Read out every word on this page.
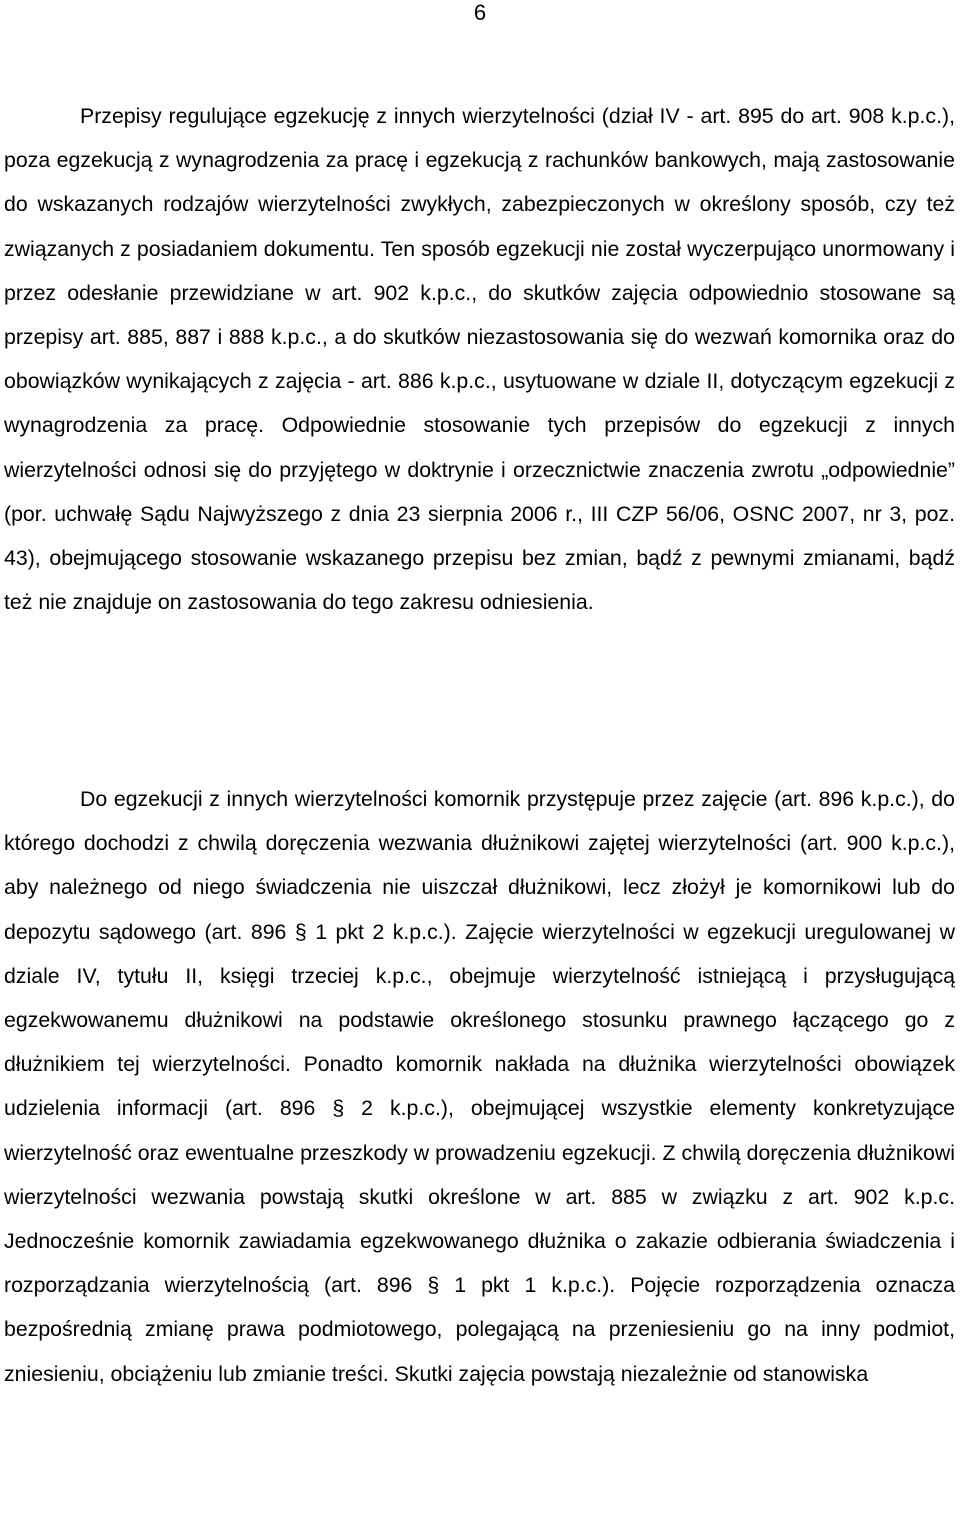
6

Przepisy regulujące egzekucję z innych wierzytelności (dział IV - art. 895 do art. 908 k.p.c.), poza egzekucją z wynagrodzenia za pracę i egzekucją z rachunków bankowych, mają zastosowanie do wskazanych rodzajów wierzytelności zwykłych, zabezpieczonych w określony sposób, czy też związanych z posiadaniem dokumentu. Ten sposób egzekucji nie został wyczerpująco unormowany i przez odesłanie przewidziane w art. 902 k.p.c., do skutków zajęcia odpowiednio stosowane są przepisy art. 885, 887 i 888 k.p.c., a do skutków niezastosowania się do wezwań komornika oraz do obowiązków wynikających z zajęcia - art. 886 k.p.c., usytuowane w dziale II, dotyczącym egzekucji z wynagrodzenia za pracę. Odpowiednie stosowanie tych przepisów do egzekucji z innych wierzytelności odnosi się do przyjętego w doktrynie i orzecznictwie znaczenia zwrotu „odpowiednie” (por. uchwałę Sądu Najwyższego z dnia 23 sierpnia 2006 r., III CZP 56/06, OSNC 2007, nr 3, poz. 43), obejmującego stosowanie wskazanego przepisu bez zmian, bądź z pewnymi zmianami, bądź też nie znajduje on zastosowania do tego zakresu odniesienia.

Do egzekucji z innych wierzytelności komornik przystępuje przez zajęcie (art. 896 k.p.c.), do którego dochodzi z chwilą doręczenia wezwania dłużnikowi zajętej wierzytelności (art. 900 k.p.c.), aby należnego od niego świadczenia nie uiszczał dłużnikowi, lecz złożył je komornikowi lub do depozytu sądowego (art. 896 § 1 pkt 2 k.p.c.). Zajęcie wierzytelności w egzekucji uregulowanej w dziale IV, tytułu II, księgi trzeciej k.p.c., obejmuje wierzytelność istniejącą i przysługującą egzekwowanemu dłużnikowi na podstawie określonego stosunku prawnego łączącego go z dłużnikiem tej wierzytelności. Ponadto komornik nakłada na dłużnika wierzytelności obowiązek udzielenia informacji (art. 896 § 2 k.p.c.), obejmującej wszystkie elementy konkretyzujące wierzytelność oraz ewentualne przeszkody w prowadzeniu egzekucji. Z chwilą doręczenia dłużnikowi wierzytelności wezwania powstają skutki określone w art. 885 w związku z art. 902 k.p.c. Jednocześnie komornik zawiadamia egzekwowanego dłużnika o zakazie odbierania świadczenia i rozporządzania wierzytelnością (art. 896 § 1 pkt 1 k.p.c.). Pojęcie rozporządzenia oznacza bezpośrednią zmianę prawa podmiotowego, polegającą na przeniesieniu go na inny podmiot, zniesieniu, obciążeniu lub zmianie treści. Skutki zajęcia powstają niezależnie od stanowiska
